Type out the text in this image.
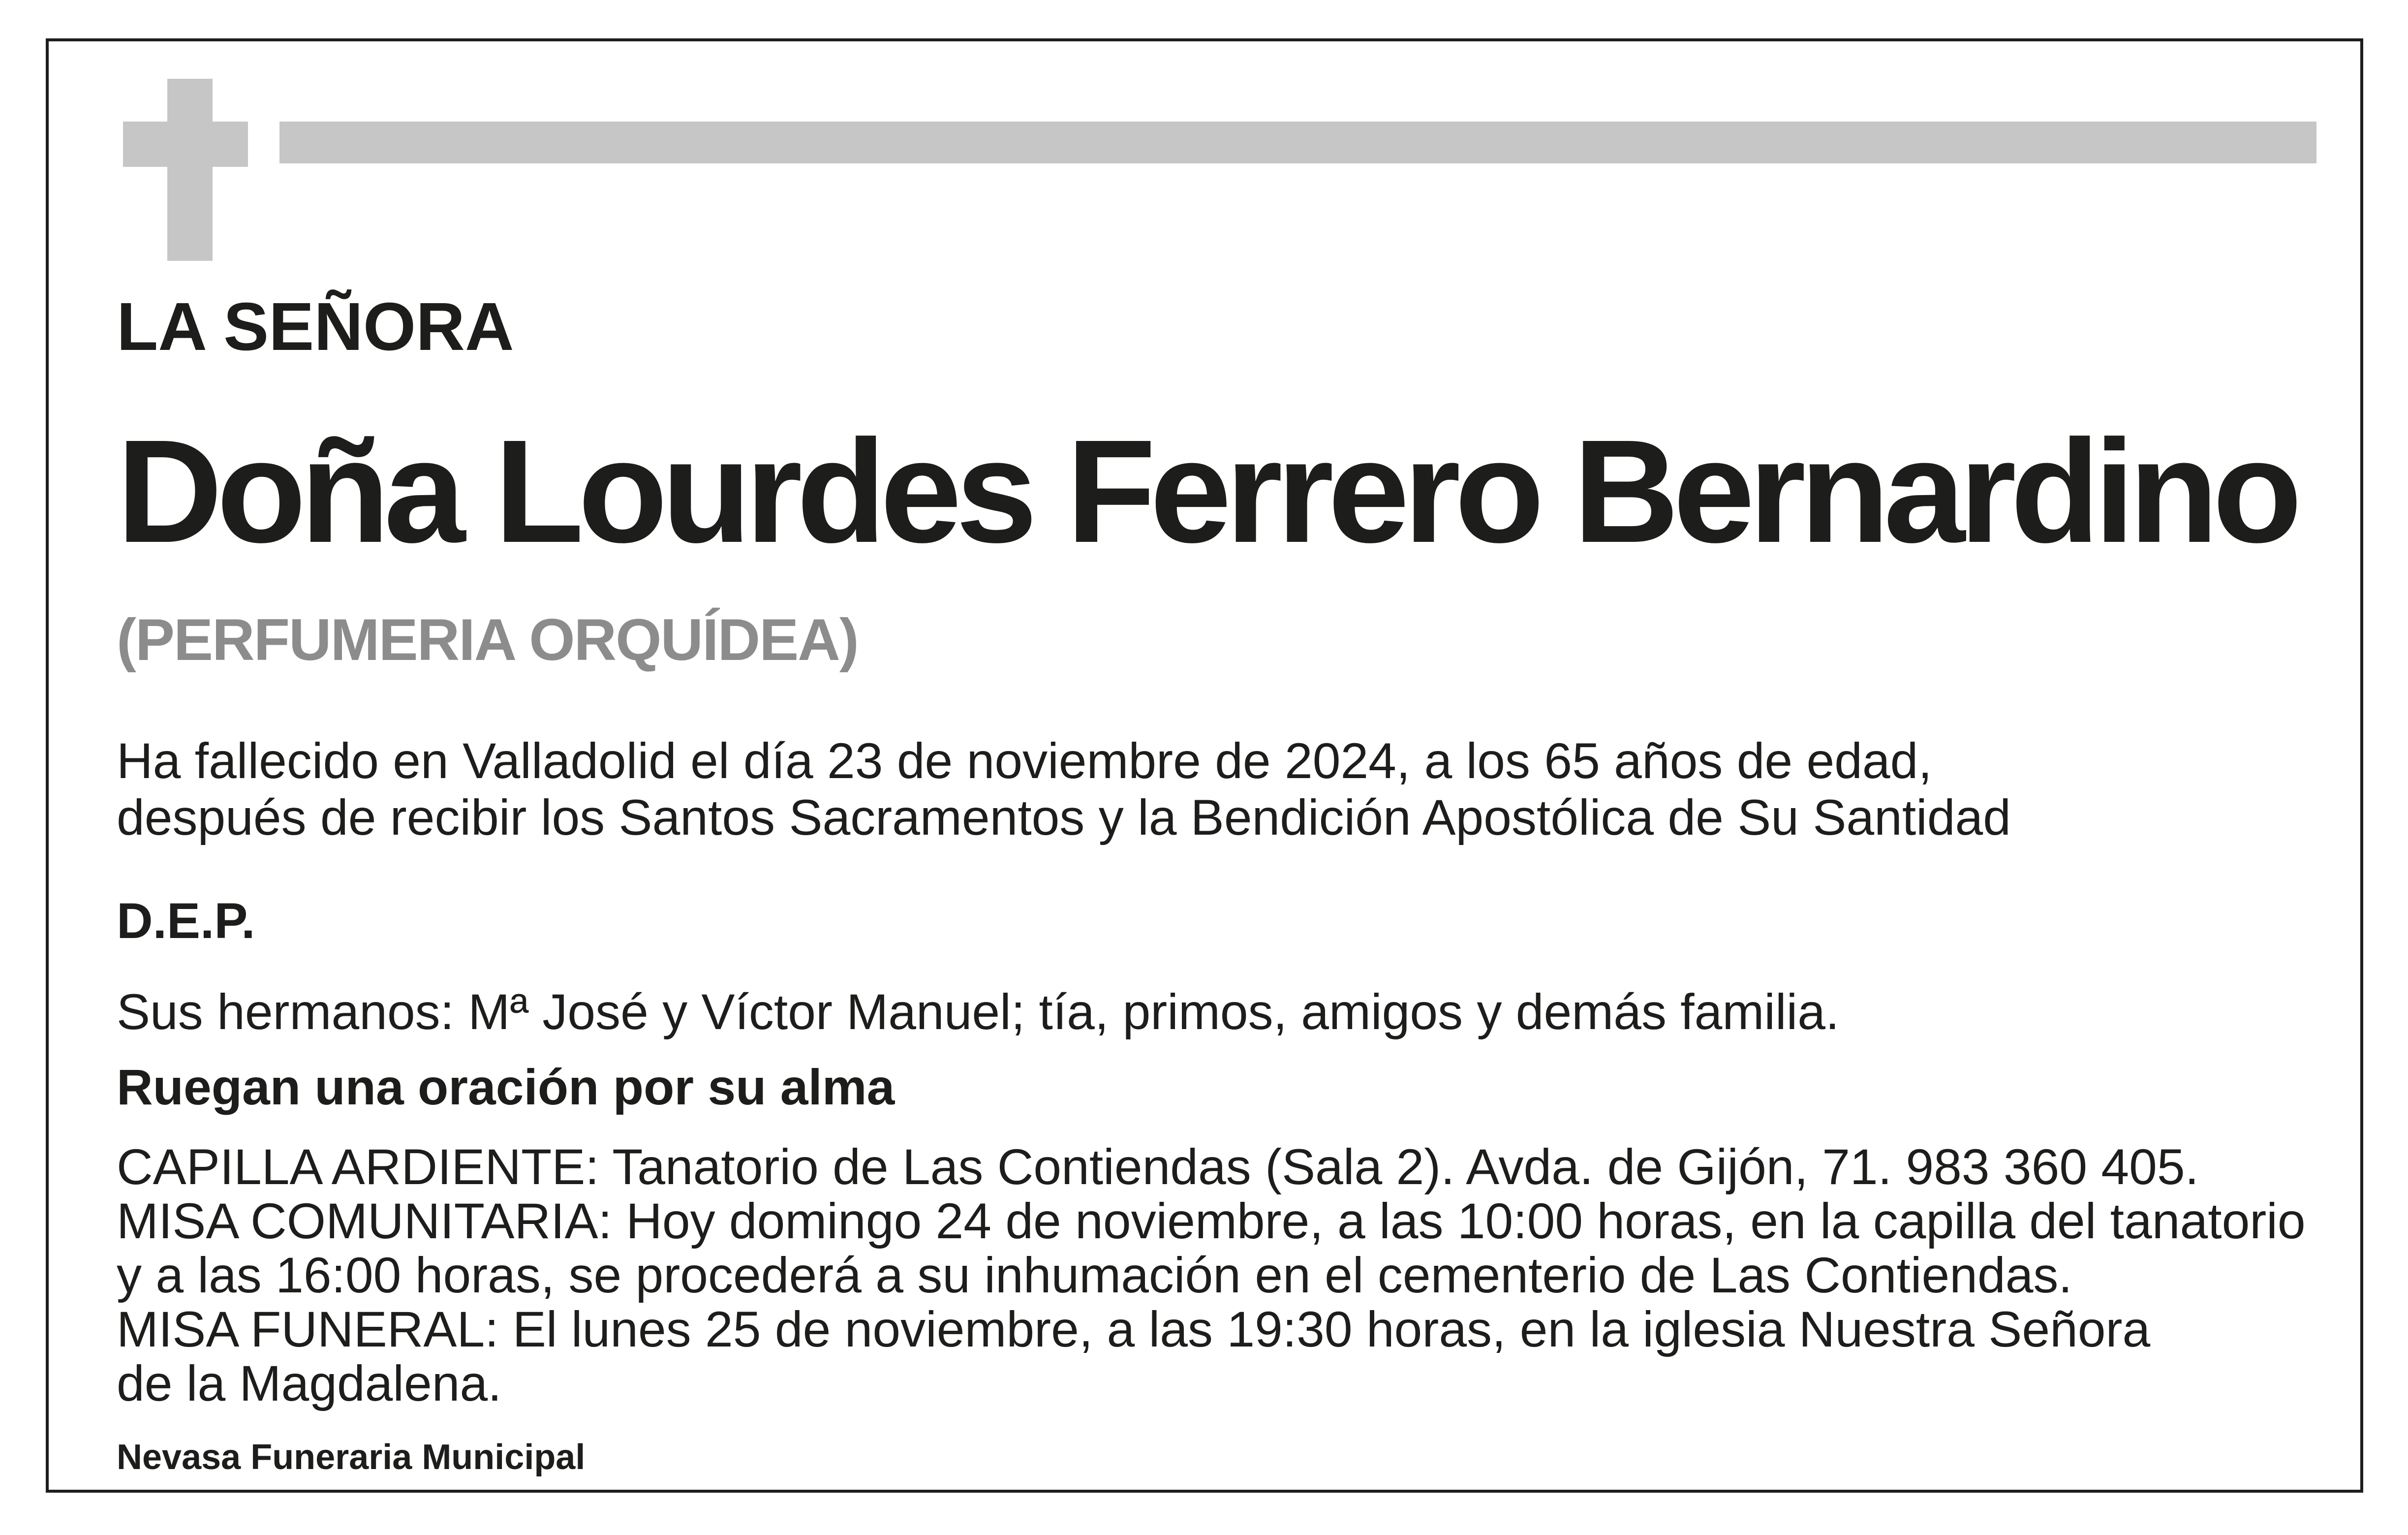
LA SEÑORA

Doña Lourdes Ferrero Bernardino

(PERFUMERIA ORQUÍDEA)

Ha fallecido en Valladolid el día 23 de noviembre de 2024, a los 65 años de edad,

después de recibir los Santos Sacramentos y la Bendición Apostólica de Su Santidad

D.E.P.

Sus hermanos: Mª José y Víctor Manuel; tía, primos, amigos y demás familia.

Ruegan una oración por su alma

CAPILLA ARDIENTE: Tanatorio de Las Contiendas (Sala 2). Avda. de Gijón, 71. 983 360 405.

MISA COMUNITARIA: Hoy domingo 24 de noviembre, a las 10:00 horas, en la capilla del tanatorio

y a las 16:00 horas, se procederá a su inhumación en el cementerio de Las Contiendas.

MISA FUNERAL: El lunes 25 de noviembre, a las 19:30 horas, en la iglesia Nuestra Señora

de la Magdalena.

Nevasa Funeraria Municipal
